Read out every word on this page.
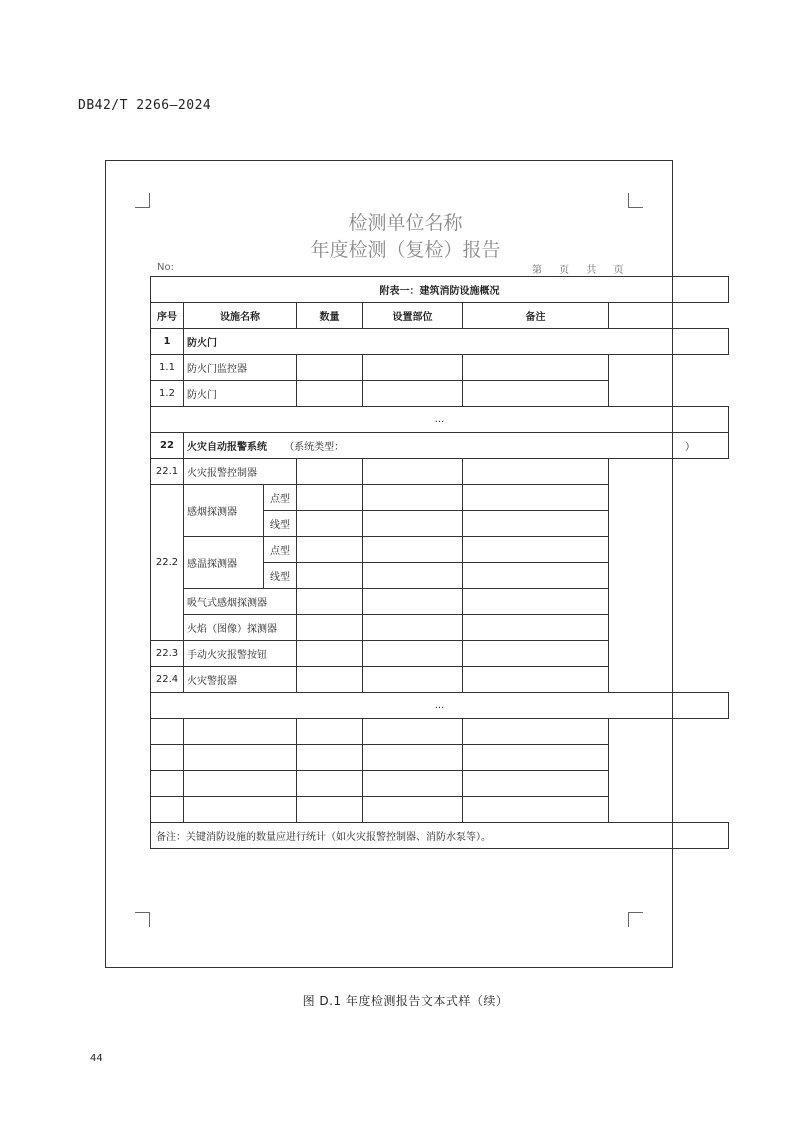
DB42/T 2266—2024
检测单位名称
年度检测（复检）报告
No:	第 页 共 页
附表一：建筑消防设施概况					
序号	设施名称		数量	设置部位	备注
1	防火门				
1.1	防火门监控器			
1.2	防火门			
...					
22	火灾自动报警系统 （系统类型： ）				

22.1	火灾报警控制器			
22.2	感烟探测器	点型			
		线型			
	感温探测器	点型			
		线型			
	吸气式感烟探测器			
	火焰（图像）探测器			
22.3	手动火灾报警按钮			
22.4	火灾警报器			
...					

备注：关键消防设施的数量应进行统计（如火灾报警控制器、消防水泵等）。					
图 D.1 年度检测报告文本式样（续）
44
